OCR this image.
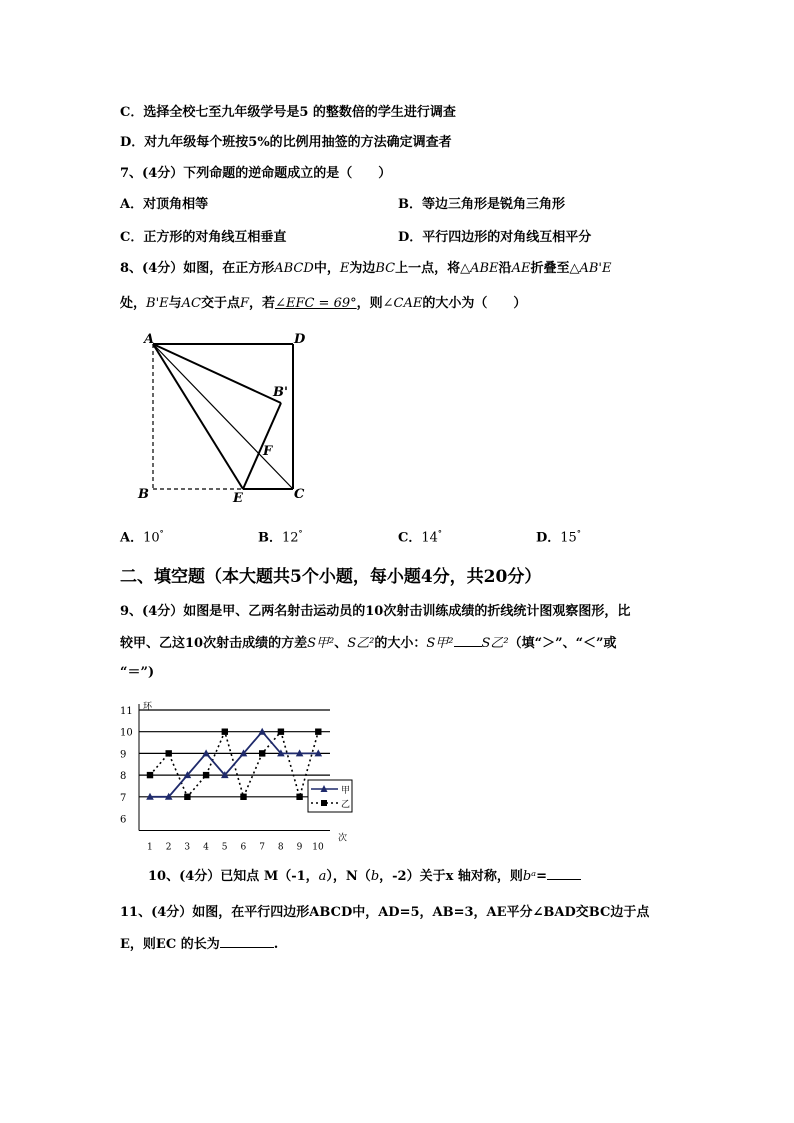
C．选择全校七至九年级学号是5 的整数倍的学生进行调查
D．对九年级每个班按5%的比例用抽签的方法确定调查者
7、(4分）下列命题的逆命题成立的是（　　）
A．对顶角相等	B．等边三角形是锐角三角形
C．正方形的对角线互相垂直	D．平行四边形的对角线互相平分
8、(4分）如图，在正方形ABCD中，E为边BC上一点，将△ABE沿AE折叠至△AB'E
处，B'E与AC交于点F，若∠EFC = 69°，则∠CAE的大小为（　　）
A	D
B'
F
B	E	C
A．10°	B．12°	C．14°	D．15°
二、填空题（本大题共5个小题，每小题4分，共20分）
9、(4分）如图是甲、乙两名射击运动员的10次射击训练成绩的折线统计图观察图形，比
较甲、乙这10次射击成绩的方差S甲²、S乙²的大小：S甲² S乙²（填“＞”、“＜”或
“＝”)
6
7
8
9
10
11 环
次
1 2 3 4 5 6 7 8 9 10
甲
乙
10、(4分）已知点 M（-1，a），N（b，-2）关于x 轴对称，则bᵃ=
11、(4分）如图，在平行四边形ABCD中，AD=5，AB=3，AE平分∠BAD交BC边于点
E，则EC 的长为	.
